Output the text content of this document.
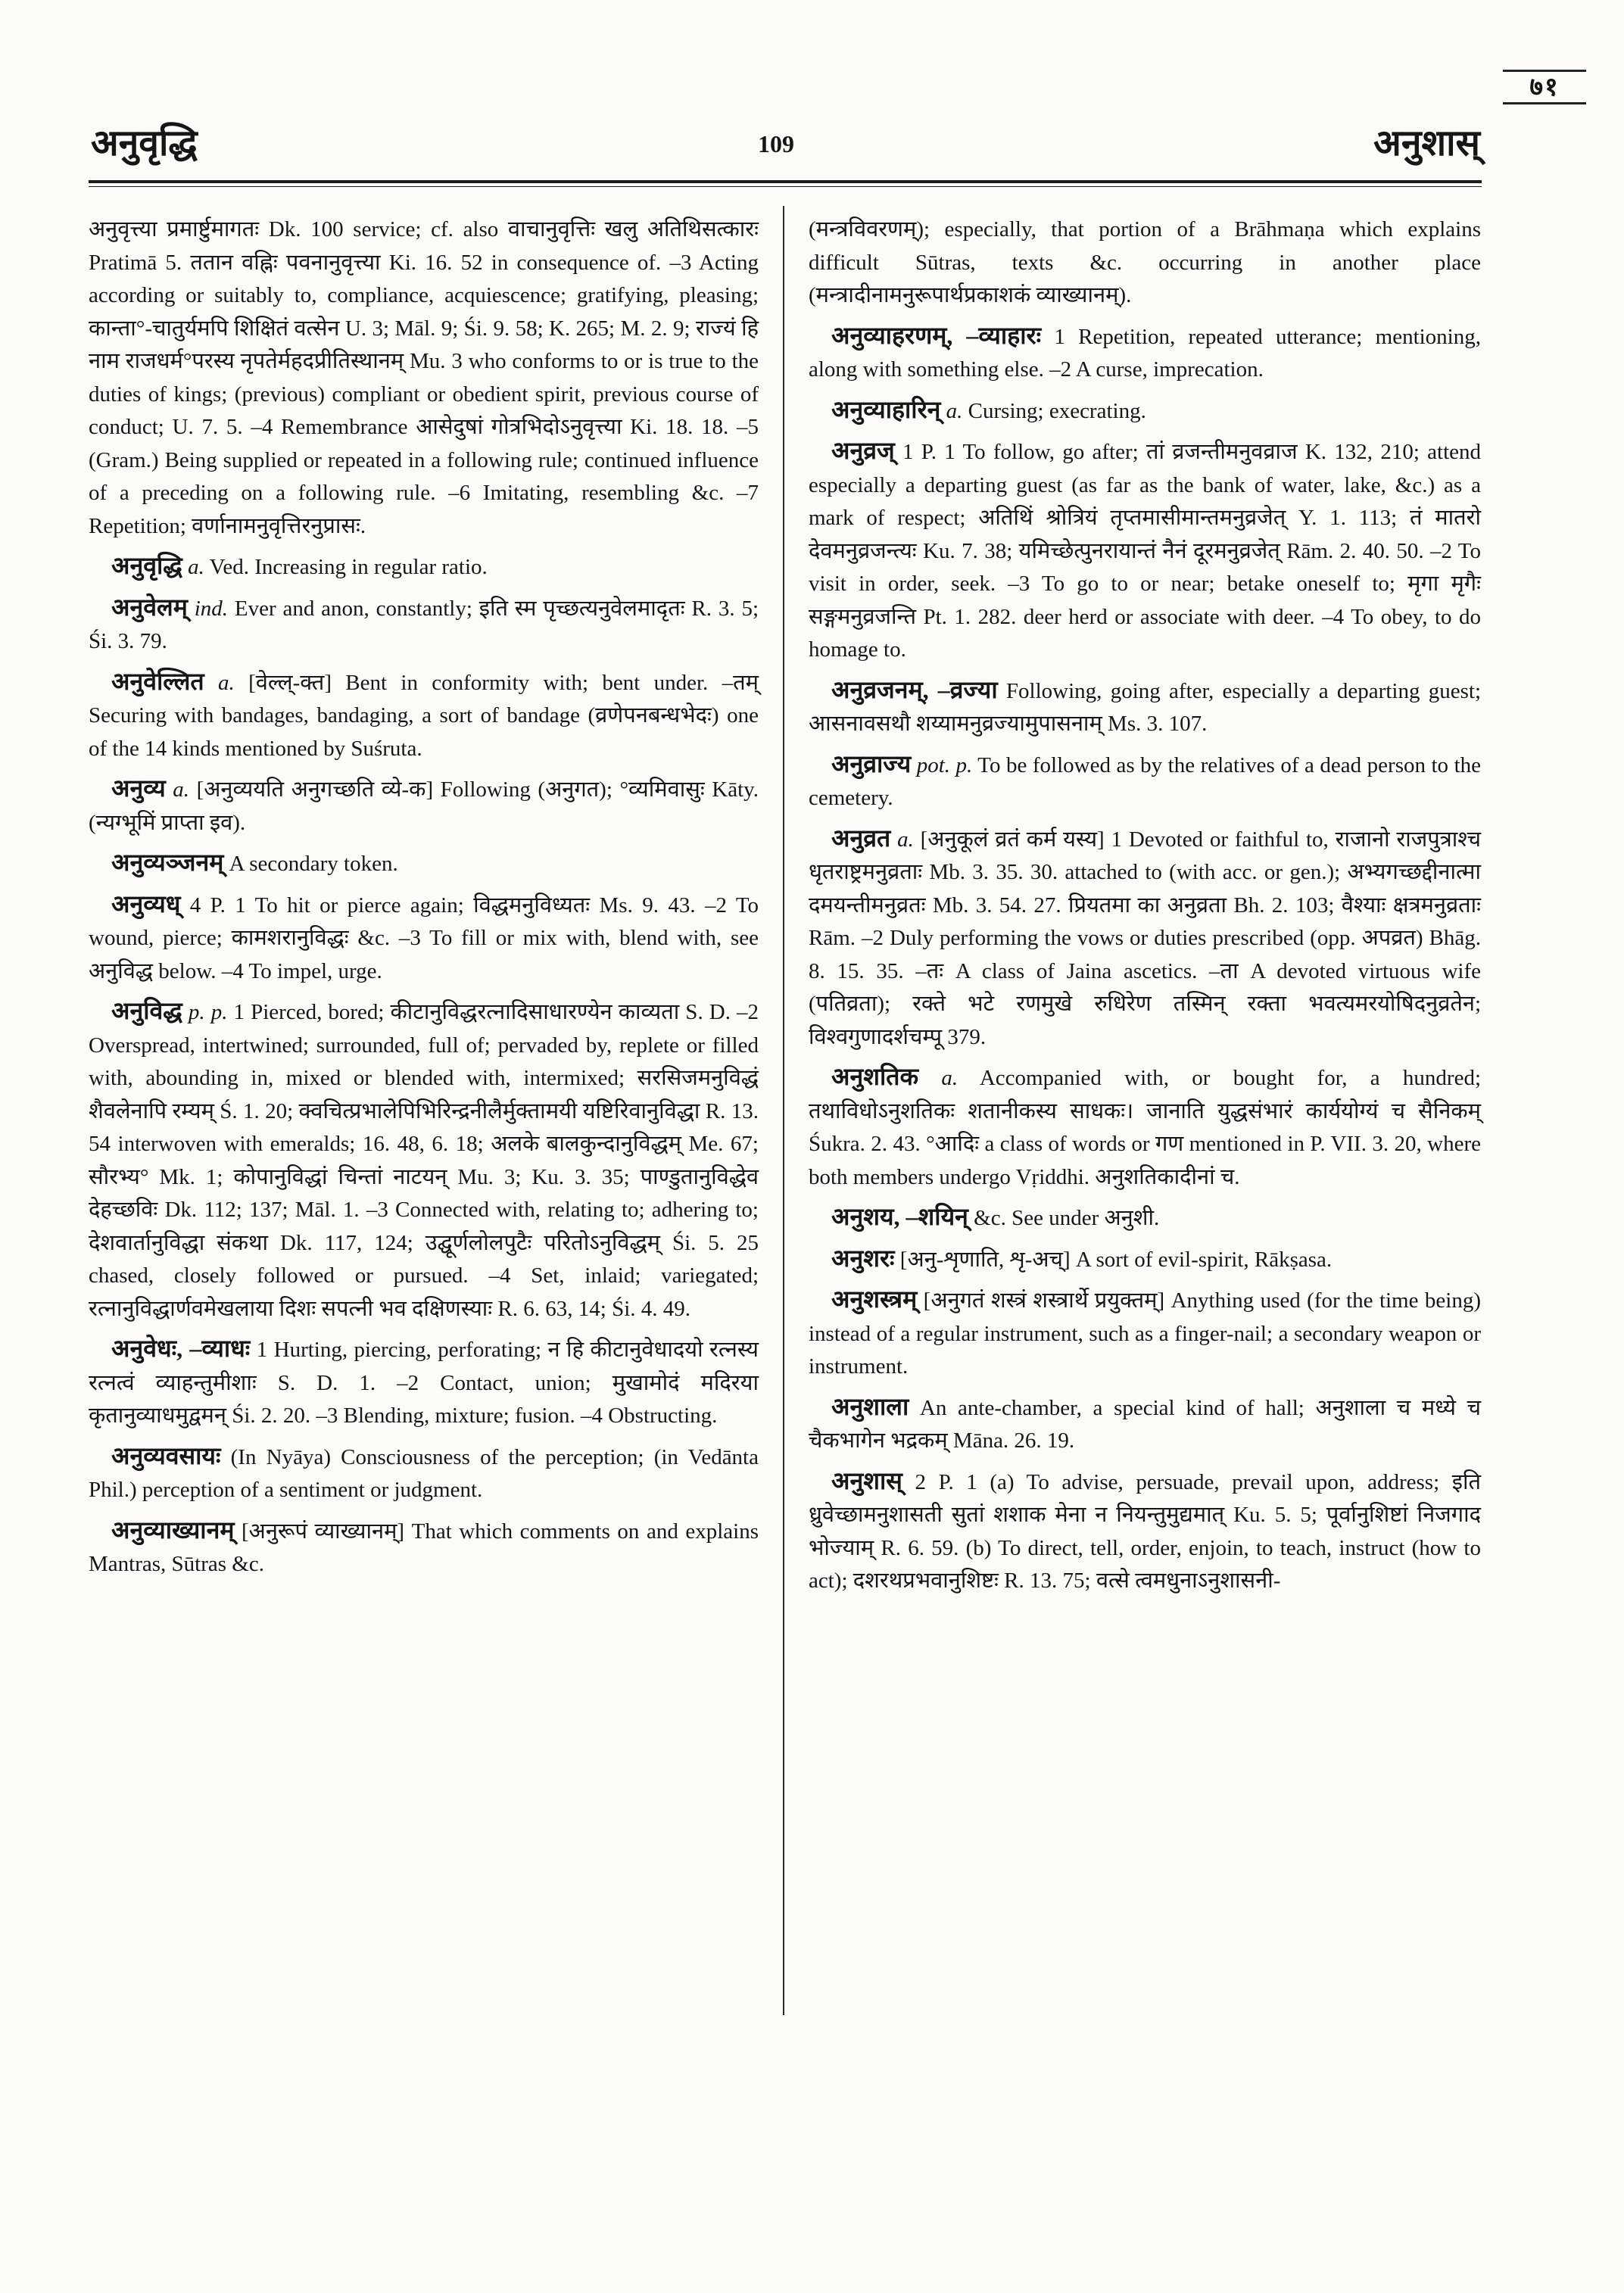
७१
अनुवृद्धि	109	अनुशास्

अनुवृत्त्या प्रमार्ष्टुमागतः Dk. 100 service; cf. also वाचानुवृत्तिः खलु अतिथिसत्कारः Pratimā 5. ततान वह्निः पवनानुवृत्त्या Ki. 16. 52 in consequence of. –3 Acting according or suitably to, compliance, acquiescence; gratifying, pleasing; कान्ता°-चातुर्यमपि शिक्षितं वत्सेन U. 3; Māl. 9; Śi. 9. 58; K. 265; M. 2. 9; राज्यं हि नाम राजधर्म°परस्य नृपतेर्महदप्रीतिस्थानम् Mu. 3 who conforms to or is true to the duties of kings; (previous) compliant or obedient spirit, previous course of conduct; U. 7. 5. –4 Remembrance आसेदुषां गोत्रभिदोऽनुवृत्त्या Ki. 18. 18. –5 (Gram.) Being supplied or repeated in a following rule; continued influence of a preceding on a following rule. –6 Imitating, resembling &c. –7 Repetition; वर्णानामनुवृत्तिरनुप्रासः.

अनुवृद्धि a. Ved. Increasing in regular ratio.

अनुवेलम् ind. Ever and anon, constantly; इति स्म पृच्छत्यनुवेलमादृतः R. 3. 5; Śi. 3. 79.

अनुवेल्लित a. [वेल्ल्-क्त] Bent in conformity with; bent under. –तम् Securing with bandages, bandaging, a sort of bandage (व्रणेपनबन्धभेदः) one of the 14 kinds mentioned by Suśruta.

अनुव्य a. [अनुव्ययति अनुगच्छति व्ये-क] Following (अनुगत); °व्यमिवासुः Kāty. (न्यग्भूमिं प्राप्ता इव).

अनुव्यञ्जनम् A secondary token.

अनुव्यध् 4 P. 1 To hit or pierce again; विद्धमनुविध्यतः Ms. 9. 43. –2 To wound, pierce; कामशरानुविद्धः &c. –3 To fill or mix with, blend with, see अनुविद्ध below. –4 To impel, urge.

अनुविद्ध p. p. 1 Pierced, bored; कीटानुविद्धरत्नादिसाधारण्येन काव्यता S. D. –2 Overspread, intertwined; surrounded, full of; pervaded by, replete or filled with, abounding in, mixed or blended with, intermixed; सरसिजमनुविद्धं शैवलेनापि रम्यम् Ś. 1. 20; क्वचित्प्रभालेपिभिरिन्द्रनीलैर्मुक्तामयी यष्टिरिवानुविद्धा R. 13. 54 interwoven with emeralds; 16. 48, 6. 18; अलके बालकुन्दानुविद्धम् Me. 67; सौरभ्य° Mk. 1; कोपानुविद्धां चिन्तां नाटयन् Mu. 3; Ku. 3. 35; पाण्डुतानुविद्धेव देहच्छविः Dk. 112; 137; Māl. 1. –3 Connected with, relating to; adhering to; देशवार्तानुविद्धा संकथा Dk. 117, 124; उद्घूर्णलोलपुटैः परितोऽनुविद्धम् Śi. 5. 25 chased, closely followed or pursued. –4 Set, inlaid; variegated; रत्नानुविद्धार्णवमेखलाया दिशः सपत्नी भव दक्षिणस्याः R. 6. 63, 14; Śi. 4. 49.

अनुवेधः, –व्याधः 1 Hurting, piercing, perforating; न हि कीटानुवेधादयो रत्नस्य रत्नत्वं व्याहन्तुमीशाः S. D. 1. –2 Contact, union; मुखामोदं मदिरया कृतानुव्याधमुद्वमन् Śi. 2. 20. –3 Blending, mixture; fusion. –4 Obstructing.

अनुव्यवसायः (In Nyāya) Consciousness of the perception; (in Vedānta Phil.) perception of a sentiment or judgment.

अनुव्याख्यानम् [अनुरूपं व्याख्यानम्] That which comments on and explains Mantras, Sūtras &c.

(मन्त्रविवरणम्); especially, that portion of a Brāhmaṇa which explains difficult Sūtras, texts &c. occurring in another place (मन्त्रादीनामनुरूपार्थप्रकाशकं व्याख्यानम्).

अनुव्याहरणम्, –व्याहारः 1 Repetition, repeated utterance; mentioning, along with something else. –2 A curse, imprecation.

अनुव्याहारिन् a. Cursing; execrating.

अनुव्रज् 1 P. 1 To follow, go after; तां व्रजन्तीमनुवव्राज K. 132, 210; attend especially a departing guest (as far as the bank of water, lake, &c.) as a mark of respect; अतिथिं श्रोत्रियं तृप्तमासीमान्तमनुव्रजेत् Y. 1. 113; तं मातरो देवमनुव्रजन्त्यः Ku. 7. 38; यमिच्छेत्पुनरायान्तं नैनं दूरमनुव्रजेत् Rām. 2. 40. 50. –2 To visit in order, seek. –3 To go to or near; betake oneself to; मृगा मृगैः सङ्गमनुव्रजन्ति Pt. 1. 282. deer herd or associate with deer. –4 To obey, to do homage to.

अनुव्रजनम्, –व्रज्या Following, going after, especially a departing guest; आसनावसथौ शय्यामनुव्रज्यामुपासनाम् Ms. 3. 107.

अनुव्राज्य pot. p. To be followed as by the relatives of a dead person to the cemetery.

अनुव्रत a. [अनुकूलं व्रतं कर्म यस्य] 1 Devoted or faithful to, राजानो राजपुत्राश्च धृतराष्ट्रमनुव्रताः Mb. 3. 35. 30. attached to (with acc. or gen.); अभ्यगच्छद्दीनात्मा दमयन्तीमनुव्रतः Mb. 3. 54. 27. प्रियतमा का अनुव्रता Bh. 2. 103; वैश्याः क्षत्रमनुव्रताः Rām. –2 Duly performing the vows or duties prescribed (opp. अपव्रत) Bhāg. 8. 15. 35. –तः A class of Jaina ascetics. –ता A devoted virtuous wife (पतिव्रता); रक्ते भटे रणमुखे रुधिरेण तस्मिन् रक्ता भवत्यमरयोषिदनुव्रतेन; विश्वगुणादर्शचम्पू 379.

अनुशतिक a. Accompanied with, or bought for, a hundred; तथाविधोऽनुशतिकः शतानीकस्य साधकः। जानाति युद्धसंभारं कार्ययोग्यं च सैनिकम् Śukra. 2. 43. °आदिः a class of words or गण mentioned in P. VII. 3. 20, where both members undergo Vṛiddhi. अनुशतिकादीनां च.

अनुशय, –शयिन् &c. See under अनुशी.

अनुशरः [अनु-शृणाति, शृ-अच्] A sort of evil-spirit, Rākṣasa.

अनुशस्त्रम् [अनुगतं शस्त्रं शस्त्रार्थे प्रयुक्तम्] Anything used (for the time being) instead of a regular instrument, such as a finger-nail; a secondary weapon or instrument.

अनुशाला An ante-chamber, a special kind of hall; अनुशाला च मध्ये च चैकभागेन भद्रकम् Māna. 26. 19.

अनुशास् 2 P. 1 (a) To advise, persuade, prevail upon, address; इति ध्रुवेच्छामनुशासती सुतां शशाक मेना न नियन्तुमुद्यमात् Ku. 5. 5; पूर्वानुशिष्टां निजगाद भोज्याम् R. 6. 59. (b) To direct, tell, order, enjoin, to teach, instruct (how to act); दशरथप्रभवानुशिष्टः R. 13. 75; वत्से त्वमधुनाऽनुशासनी-
